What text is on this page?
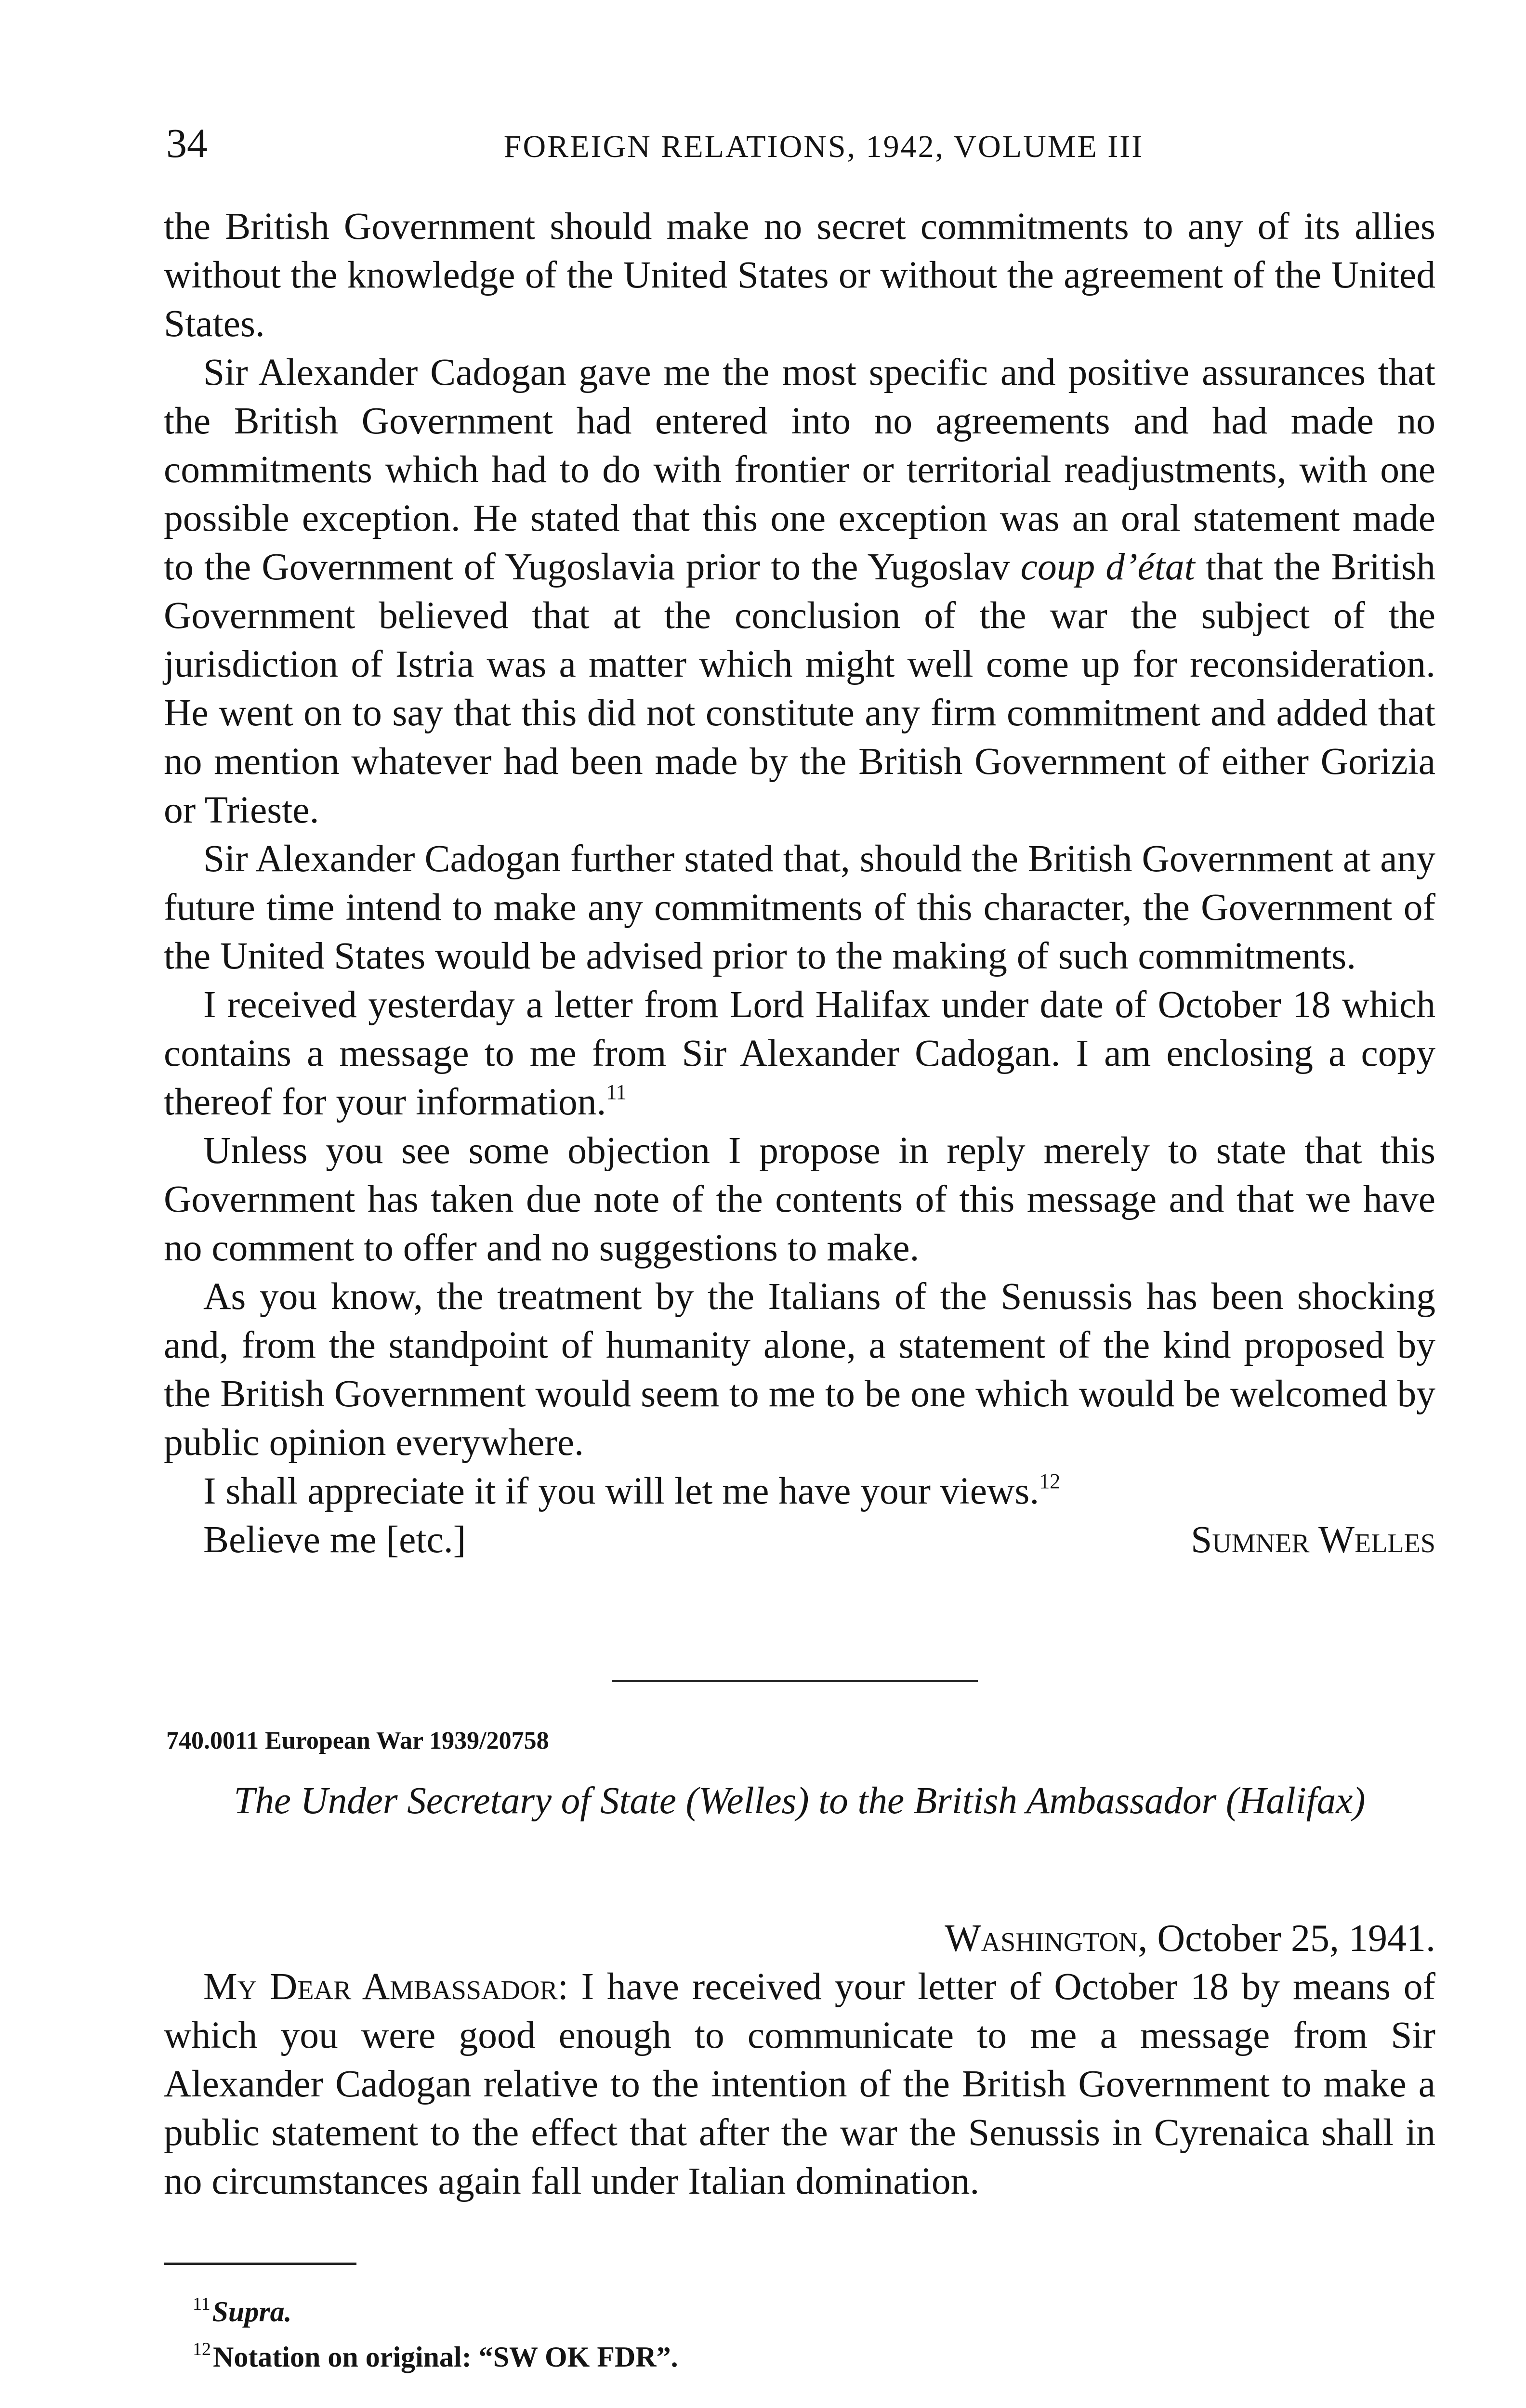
34	FOREIGN RELATIONS, 1942, VOLUME III

the British Government should make no secret commitments to any of its allies without the knowledge of the United States or without the agreement of the United States.

Sir Alexander Cadogan gave me the most specific and positive assurances that the British Government had entered into no agreements and had made no commitments which had to do with frontier or territorial readjustments, with one possible exception. He stated that this one exception was an oral statement made to the Government of Yugoslavia prior to the Yugoslav coup d’état that the British Government believed that at the conclusion of the war the subject of the jurisdiction of Istria was a matter which might well come up for reconsideration. He went on to say that this did not constitute any firm commitment and added that no mention whatever had been made by the British Government of either Gorizia or Trieste.

Sir Alexander Cadogan further stated that, should the British Government at any future time intend to make any commitments of this character, the Government of the United States would be advised prior to the making of such commitments.

I received yesterday a letter from Lord Halifax under date of October 18 which contains a message to me from Sir Alexander Cadogan. I am enclosing a copy thereof for your information.$^{11}$

Unless you see some objection I propose in reply merely to state that this Government has taken due note of the contents of this message and that we have no comment to offer and no suggestions to make.

As you know, the treatment by the Italians of the Senussis has been shocking and, from the standpoint of humanity alone, a statement of the kind proposed by the British Government would seem to me to be one which would be welcomed by public opinion everywhere.

I shall appreciate it if you will let me have your views.$^{12}$

Believe me [etc.]	Sumner Welles
740.0011 European War 1939/20758
The Under Secretary of State (Welles) to the British Ambassador (Halifax)
Washington, October 25, 1941.

My Dear Ambassador: I have received your letter of October 18 by means of which you were good enough to communicate to me a message from Sir Alexander Cadogan relative to the intention of the British Government to make a public statement to the effect that after the war the Senussis in Cyrenaica shall in no circumstances again fall under Italian domination.

$^{11}$Supra.

$^{12}$Notation on original: “SW OK FDR”.
